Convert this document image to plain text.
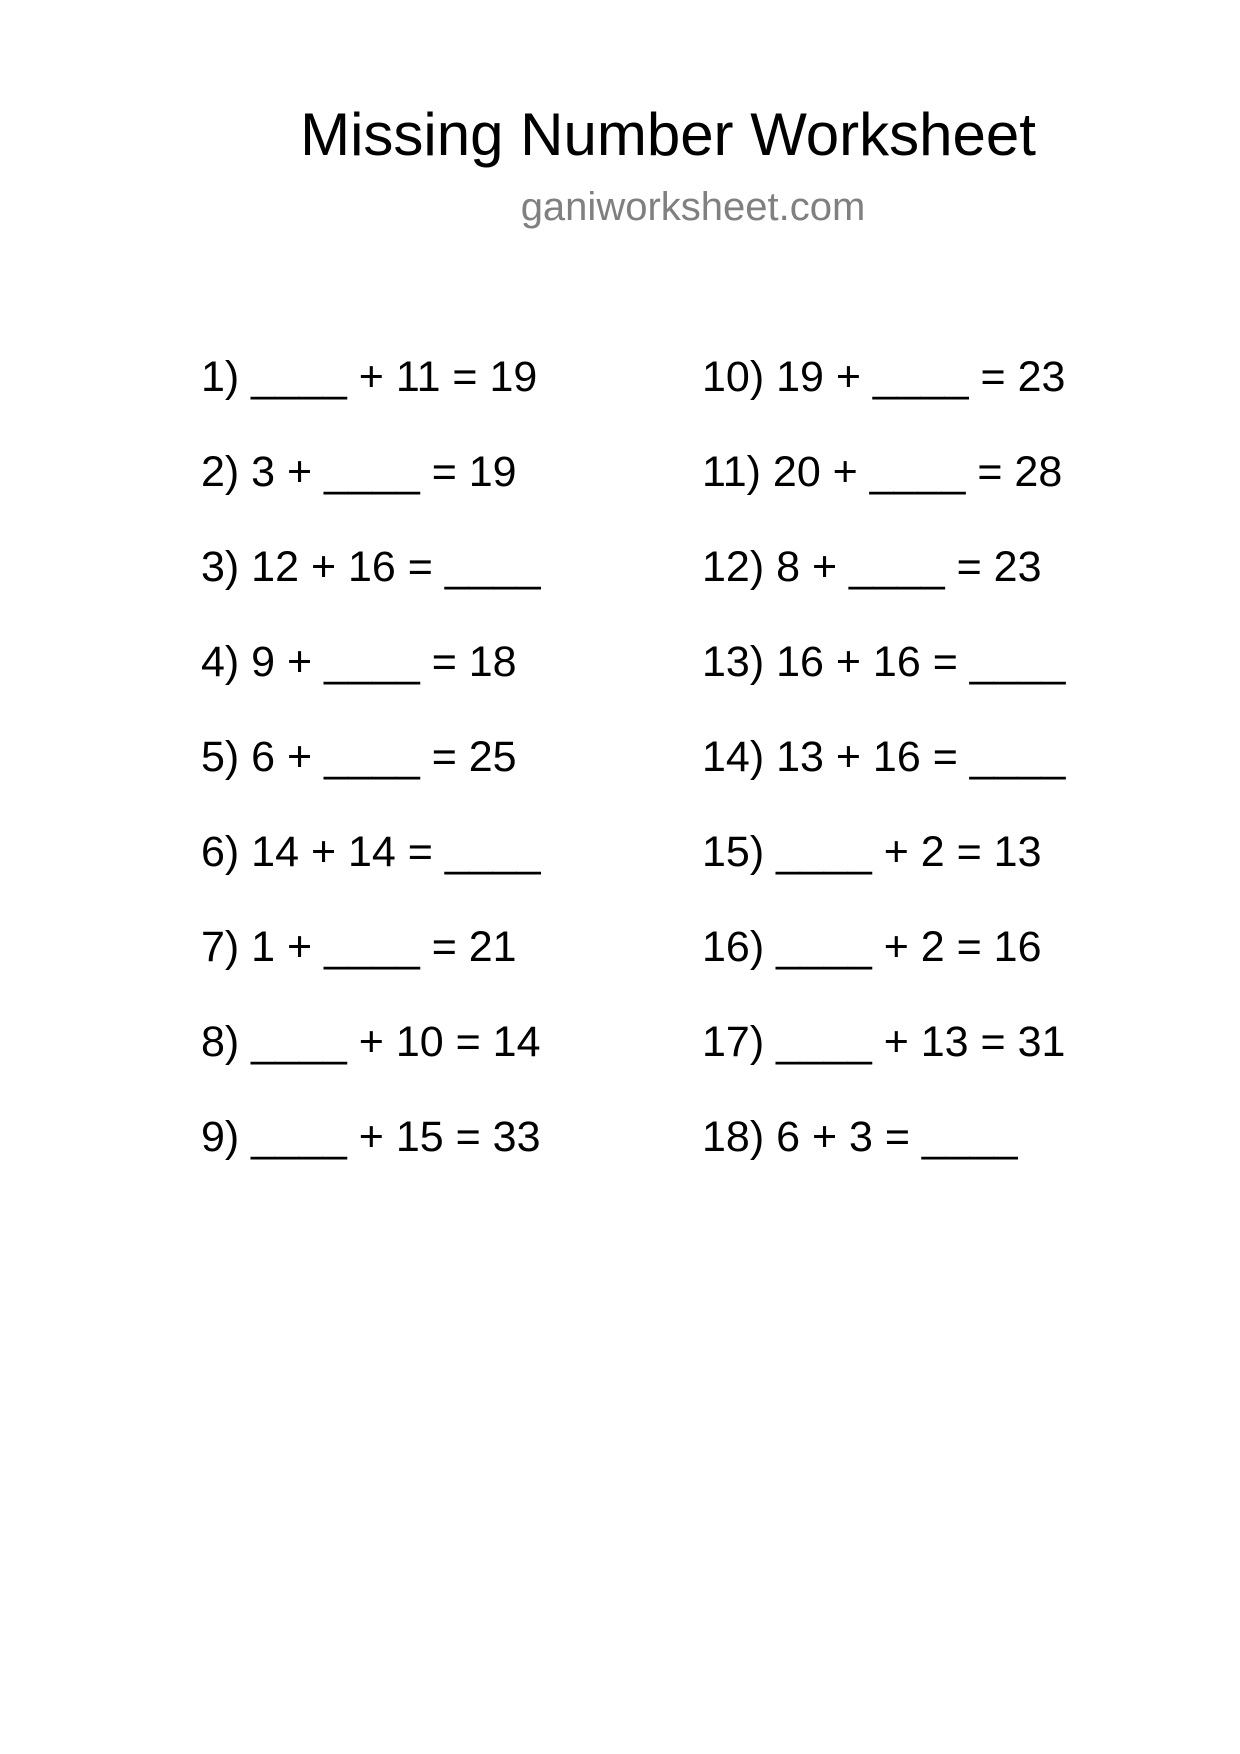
Missing Number Worksheet
ganiworksheet.com
1) ____ + 11 = 19
2) 3 + ____ = 19
3) 12 + 16 = ____
4) 9 + ____ = 18
5) 6 + ____ = 25
6) 14 + 14 = ____
7) 1 + ____ = 21
8) ____ + 10 = 14
9) ____ + 15 = 33
10) 19 + ____ = 23
11) 20 + ____ = 28
12) 8 + ____ = 23
13) 16 + 16 = ____
14) 13 + 16 = ____
15) ____ + 2 = 13
16) ____ + 2 = 16
17) ____ + 13 = 31
18) 6 + 3 = ____
